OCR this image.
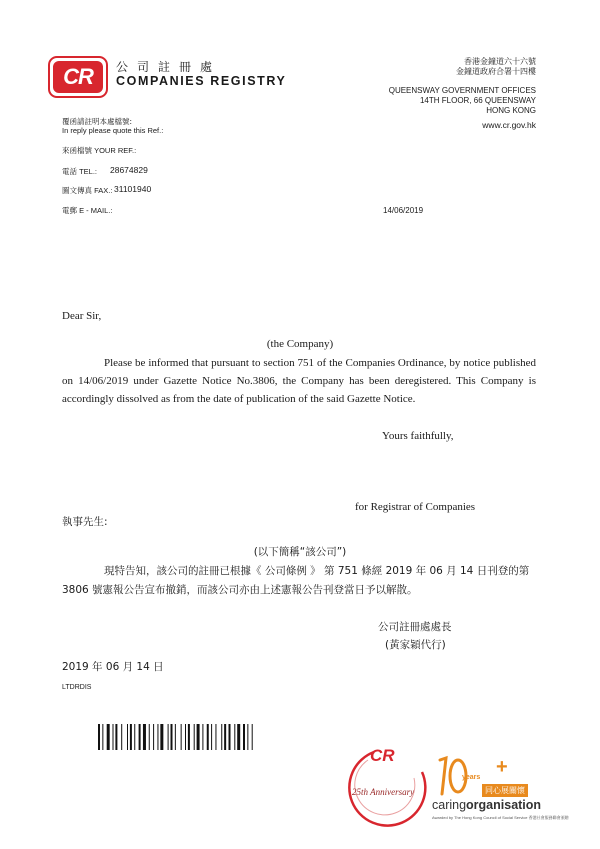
CR	公司註冊處
COMPANIES REGISTRY
香港金鐘道六十六號
金鐘道政府合署十四樓
QUEENSWAY GOVERNMENT OFFICES
14TH FLOOR, 66 QUEENSWAY
HONG KONG
www.cr.gov.hk
覆函請註明本處檔號:
In reply please quote this Ref.:
來函檔號 YOUR REF.:
電話 TEL.: 28674829
圖文傳真 FAX.: 31101940
電郵 E - MAIL.:	14/06/2019
Dear Sir,
(the Company)
Please be informed that pursuant to section 751 of the Companies Ordinance, by notice published on 14/06/2019 under Gazette Notice No.3806, the Company has been deregistered. This Company is accordingly dissolved as from the date of publication of the said Gazette Notice.
Yours faithfully,
for Registrar of Companies
執事先生:
(以下簡稱“該公司”)
現特告知，該公司的註冊已根據《 公司條例 》 第 751 條經 2019 年 06 月 14 日刊登的第 3806 號憲報公告宣布撤銷，而該公司亦由上述憲報公告刊登當日予以解散。
公司註冊處處長
(黃家穎代行)
2019 年 06 月 14 日
LTDRDIS
CR
25th Anniversary
years +
同心展關懷
caringorganisation
Awarded by The Hong Kong Council of Social Service 香港社會服務聯會頒贈
